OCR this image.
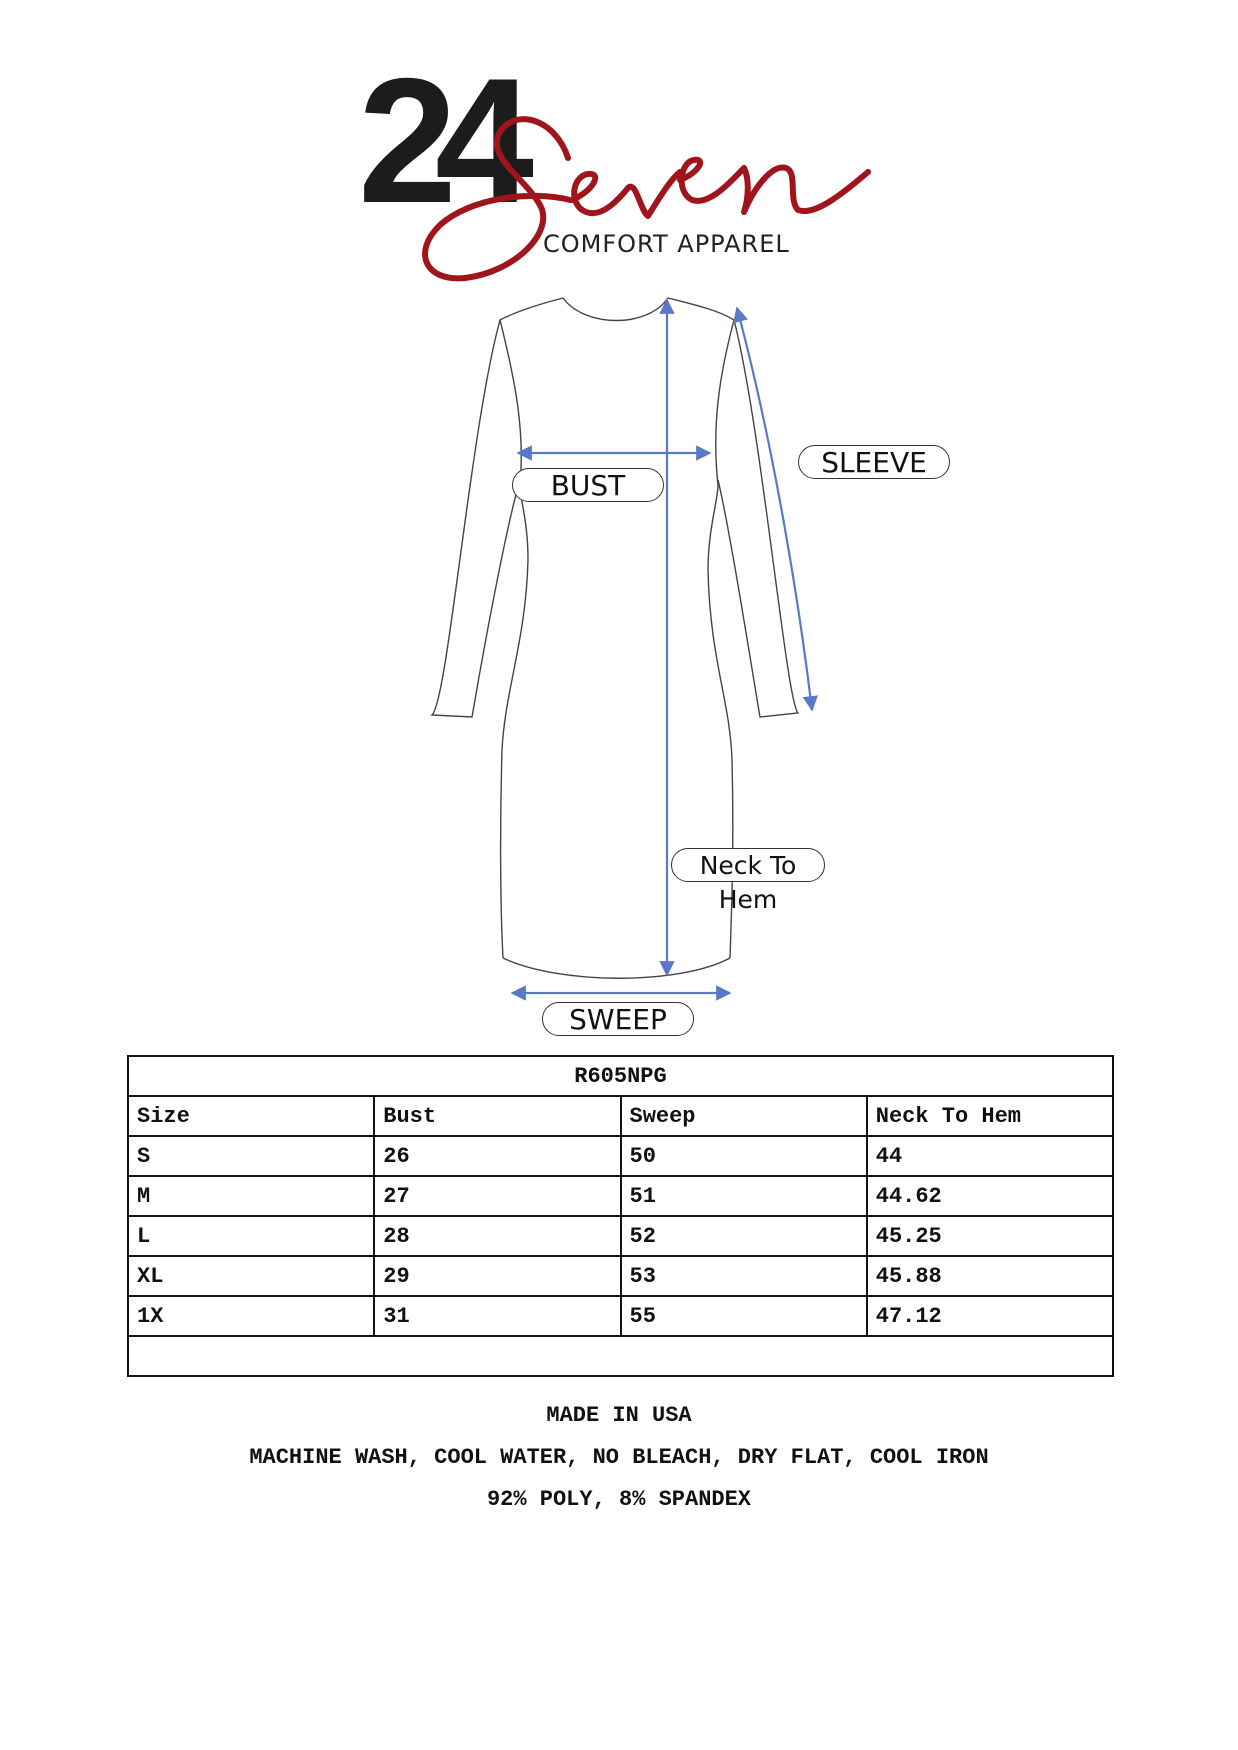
24
COMFORT APPAREL
BUST
SLEEVE
Neck To Hem
SWEEP
R605NPG			
Size	Bust	Sweep	Neck To Hem
S	26	50	44
M	27	51	44.62
L	28	52	45.25
XL	29	53	45.88
1X	31	55	47.12

MADE IN USA
MACHINE WASH, COOL WATER, NO BLEACH, DRY FLAT, COOL IRON
92% POLY, 8% SPANDEX
